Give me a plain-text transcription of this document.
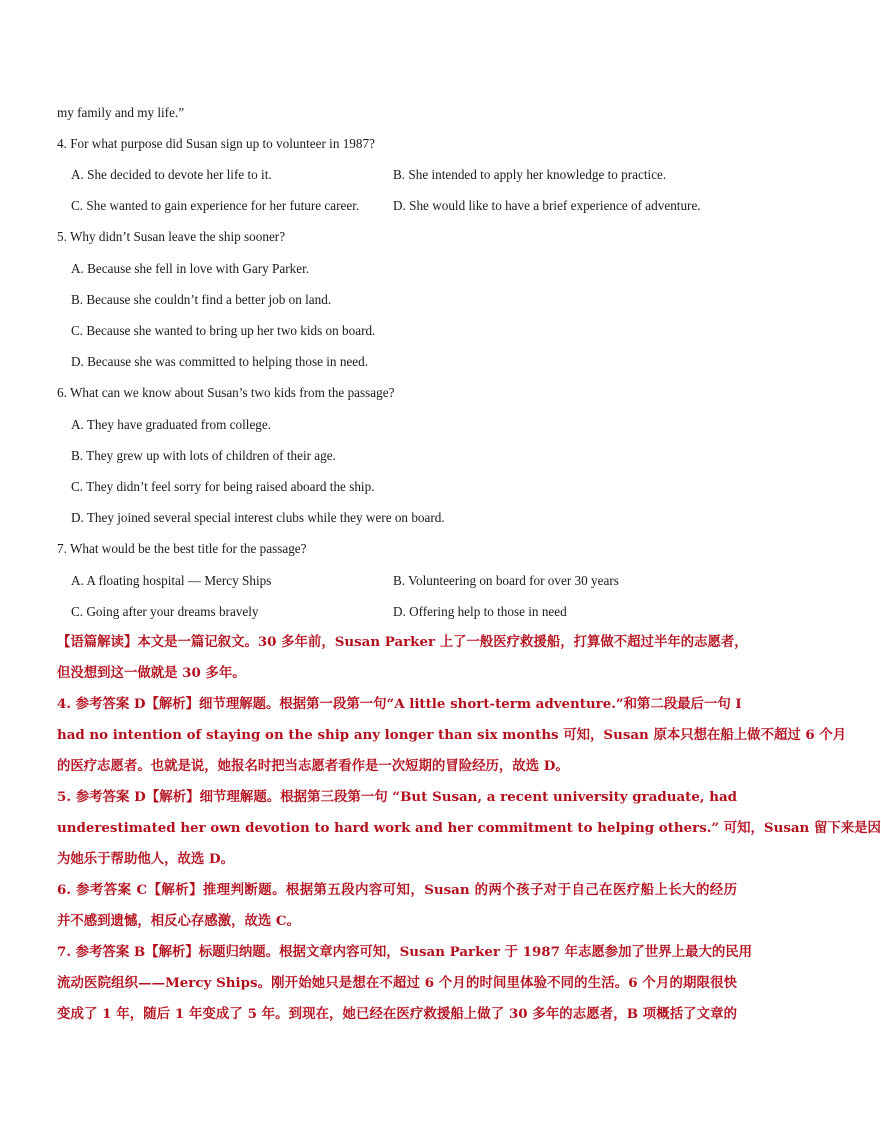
my family and my life.”
4. For what purpose did Susan sign up to volunteer in 1987?
A. She decided to devote her life to it.	B. She intended to apply her knowledge to practice.
C. She wanted to gain experience for her future career.	D. She would like to have a brief experience of adventure.
5. Why didn’t Susan leave the ship sooner?
A. Because she fell in love with Gary Parker.
B. Because she couldn’t find a better job on land.
C. Because she wanted to bring up her two kids on board.
D. Because she was committed to helping those in need.
6. What can we know about Susan’s two kids from the passage?
A. They have graduated from college.
B. They grew up with lots of children of their age.
C. They didn’t feel sorry for being raised aboard the ship.
D. They joined several special interest clubs while they were on board.
7. What would be the best title for the passage?
A. A floating hospital — Mercy Ships	B. Volunteering on board for over 30 years
C. Going after your dreams bravely	D. Offering help to those in need
【语篇解读】本文是一篇记叙文。30 多年前，Susan Parker 上了一般医疗救援船，打算做不超过半年的志愿者，
但没想到这一做就是 30 多年。
4. 参考答案 D【解析】细节理解题。根据第一段第一句“A little short-term adventure.”和第二段最后一句 I
had no intention of staying on the ship any longer than six months 可知，Susan 原本只想在船上做不超过 6 个月
的医疗志愿者。也就是说，她报名时把当志愿者看作是一次短期的冒险经历，故选 D。
5. 参考答案 D【解析】细节理解题。根据第三段第一句 “But Susan, a recent university graduate, had
underestimated her own devotion to hard work and her commitment to helping others.” 可知，Susan 留下来是因
为她乐于帮助他人，故选 D。
6. 参考答案 C【解析】推理判断题。根据第五段内容可知，Susan 的两个孩子对于自己在医疗船上长大的经历
并不感到遗憾，相反心存感激，故选 C。
7. 参考答案 B【解析】标题归纳题。根据文章内容可知，Susan Parker 于 1987 年志愿参加了世界上最大的民用
流动医院组织——Mercy Ships。刚开始她只是想在不超过 6 个月的时间里体验不同的生活。6 个月的期限很快
变成了 1 年，随后 1 年变成了 5 年。到现在，她已经在医疗救援船上做了 30 多年的志愿者，B 项概括了文章的
